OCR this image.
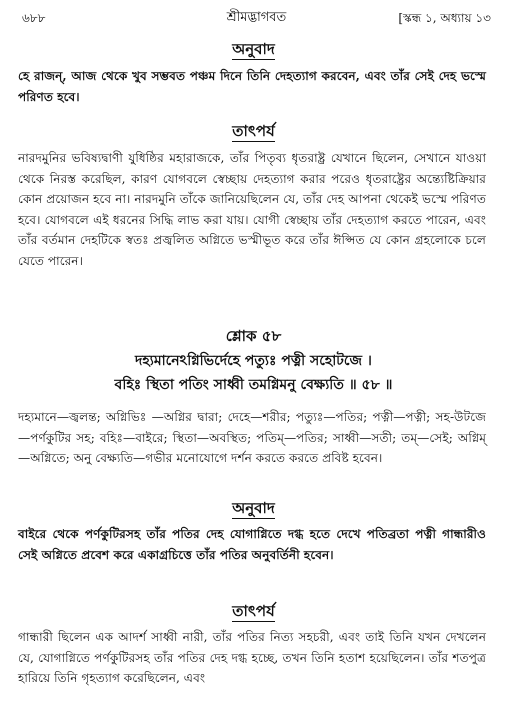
৬৮৮	শ্রীমদ্ভাগবত	[স্কন্ধ ১, অধ্যায় ১৩
অনুবাদ
হে রাজন্‌, আজ থেকে খুব সম্ভবত পঞ্চম দিনে তিনি দেহত্যাগ করবেন, এবং তাঁর সেই দেহ ভস্মে পরিণত হবে।
তাৎপর্য
নারদমুনির ভবিষ্যদ্বাণী যুধিষ্ঠির মহারাজকে, তাঁর পিতৃব্য ধৃতরাষ্ট্র যেখানে ছিলেন, সেখানে যাওয়া থেকে নিরস্ত করেছিল, কারণ যোগবলে স্বেচ্ছায় দেহত্যাগ করার পরেও ধৃতরাষ্ট্রের অন্ত্যেষ্টিক্রিয়ার কোন প্রয়োজন হবে না। নারদমুনি তাঁকে জানিয়েছিলেন যে, তাঁর দেহ আপনা থেকেই ভস্মে পরিণত হবে। যোগবলে এই ধরনের সিদ্ধি লাভ করা যায়। যোগী স্বেচ্ছায় তাঁর দেহত্যাগ করতে পারেন, এবং তাঁর বর্তমান দেহটিকে স্বতঃ প্রজ্বলিত অগ্নিতে ভস্মীভূত করে তাঁর ঈপ্সিত যে কোন গ্রহলোকে চলে যেতে পারেন।
শ্লোক ৫৮
দহ্যমানেঽগ্নিভির্দেহে পত্যুঃ পত্নী সহোটজে ।
বহিঃ স্থিতা পতিং সাধ্বী তমগ্নিমনু বেক্ষ্যতি ॥ ৫৮ ॥
দহ্যমানে—জ্বলন্ত; অগ্নিভিঃ —অগ্নির দ্বারা; দেহে—শরীর; পত্যুঃ—পতির; পত্নী—পত্নী; সহ-উটজে—পর্ণকুটির সহ; বহিঃ—বাইরে; স্থিতা—অবস্থিত; পতিম্‌—পতির; সাধ্বী—সতী; তম্‌—সেই; অগ্নিম্‌—অগ্নিতে; অনু বেক্ষ্যতি—গভীর মনোযোগে দর্শন করতে করতে প্রবিষ্ট হবেন।
অনুবাদ
বাইরে থেকে পর্ণকুটিরসহ তাঁর পতির দেহ যোগাগ্নিতে দগ্ধ হতে দেখে পতিব্রতা পত্নী গান্ধারীও সেই অগ্নিতে প্রবেশ করে একাগ্রচিত্তে তাঁর পতির অনুবর্তিনী হবেন।
তাৎপর্য
গান্ধারী ছিলেন এক আদর্শ সাধ্বী নারী, তাঁর পতির নিত্য সহচরী, এবং তাই তিনি যখন দেখলেন যে, যোগাগ্নিতে পর্ণকুটিরসহ তাঁর পতির দেহ দগ্ধ হচ্ছে, তখন তিনি হতাশ হয়েছিলেন। তাঁর শতপুত্র হারিয়ে তিনি গৃহত্যাগ করেছিলেন, এবং
